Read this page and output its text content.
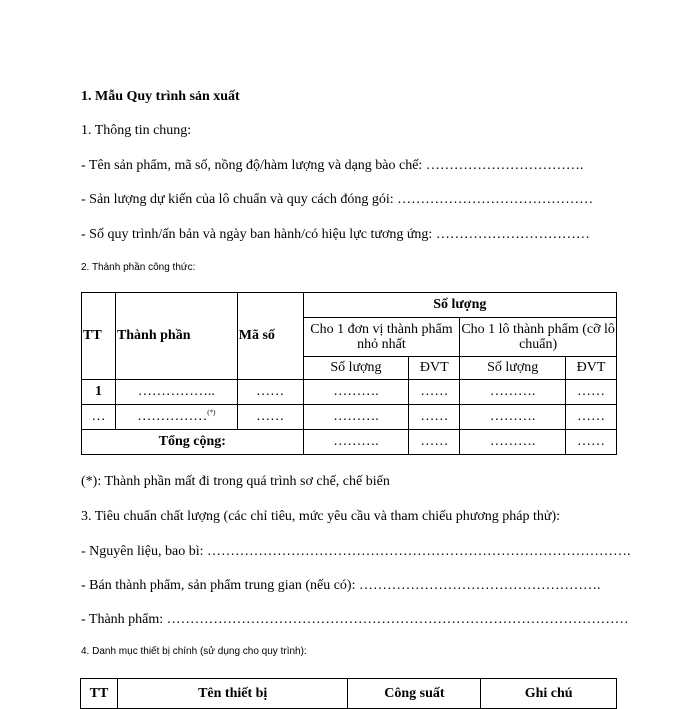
1. Mẫu Quy trình sản xuất
1. Thông tin chung:
- Tên sản phẩm, mã số, nồng độ/hàm lượng và dạng bào chế: …………………………….
- Sản lượng dự kiến của lô chuẩn và quy cách đóng gói: ……………………………………
- Số quy trình/ấn bản và ngày ban hành/có hiệu lực tương ứng: ……………………………
2. Thành phần công thức:
TT	Thành phần	Mã số	Số lượng			
			Cho 1 đơn vị thành phẩm nhỏ nhất		Cho 1 lô thành phẩm (cỡ lô chuẩn)	
			Số lượng	ĐVT	Số lượng	ĐVT
1	……………..	……	……….	……	……….	……
…	……………(*)	……	……….	……	……….	……
Tổng cộng:			……….	……	……….	……
(*): Thành phần mất đi trong quá trình sơ chế, chế biến
3. Tiêu chuẩn chất lượng (các chỉ tiêu, mức yêu cầu và tham chiếu phương pháp thử):
- Nguyên liệu, bao bì: ……………………………………………………………………………….
- Bán thành phẩm, sản phẩm trung gian (nếu có): …………………………………………….
- Thành phẩm: ………………………………………………………………………………………
4. Danh mục thiết bị chính (sử dụng cho quy trình):
TT	Tên thiết bị	Công suất	Ghi chú
